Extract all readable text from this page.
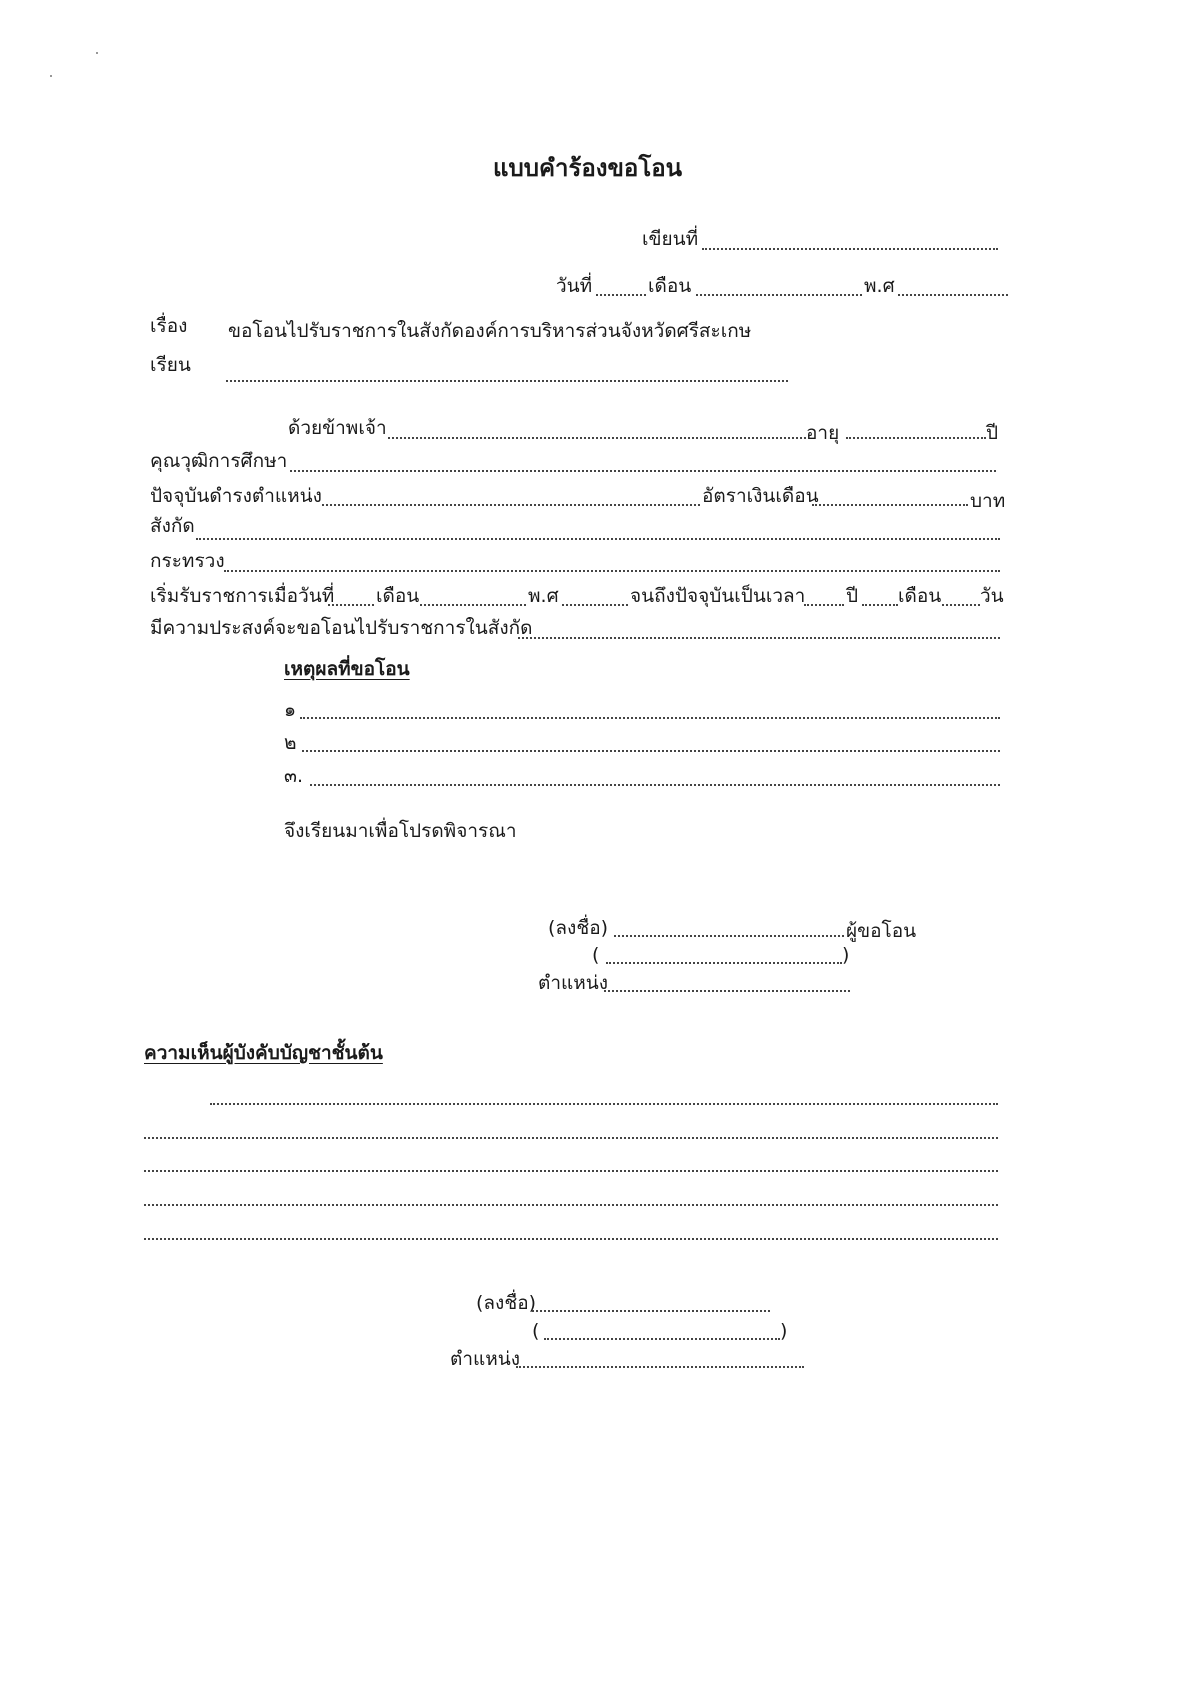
แบบคำร้องขอโอน
เขียนที่
วันที่	เดือน	พ.ศ
เรื่อง ขอโอนไปรับราชการในสังกัดองค์การบริหารส่วนจังหวัดศรีสะเกษ
เรียน
ด้วยข้าพเจ้า	อายุ	ปี
คุณวุฒิการศึกษา
ปัจจุบันดำรงตำแหน่ง	อัตราเงินเดือน	บาท
สังกัด
กระทรวง
เริ่มรับราชการเมื่อวันที่ เดือน	พ.ศ	จนถึงปัจจุบันเป็นเวลา ปี เดือน วัน
มีความประสงค์จะขอโอนไปรับราชการในสังกัด
เหตุผลที่ขอโอน
๑
๒
๓.
จึงเรียนมาเพื่อโปรดพิจารณา
(ลงชื่อ)	ผู้ขอโอน
(	)
ตำแหน่ง
ความเห็นผู้บังคับบัญชาชั้นต้น
(ลงชื่อ)
(	)
ตำแหน่ง
